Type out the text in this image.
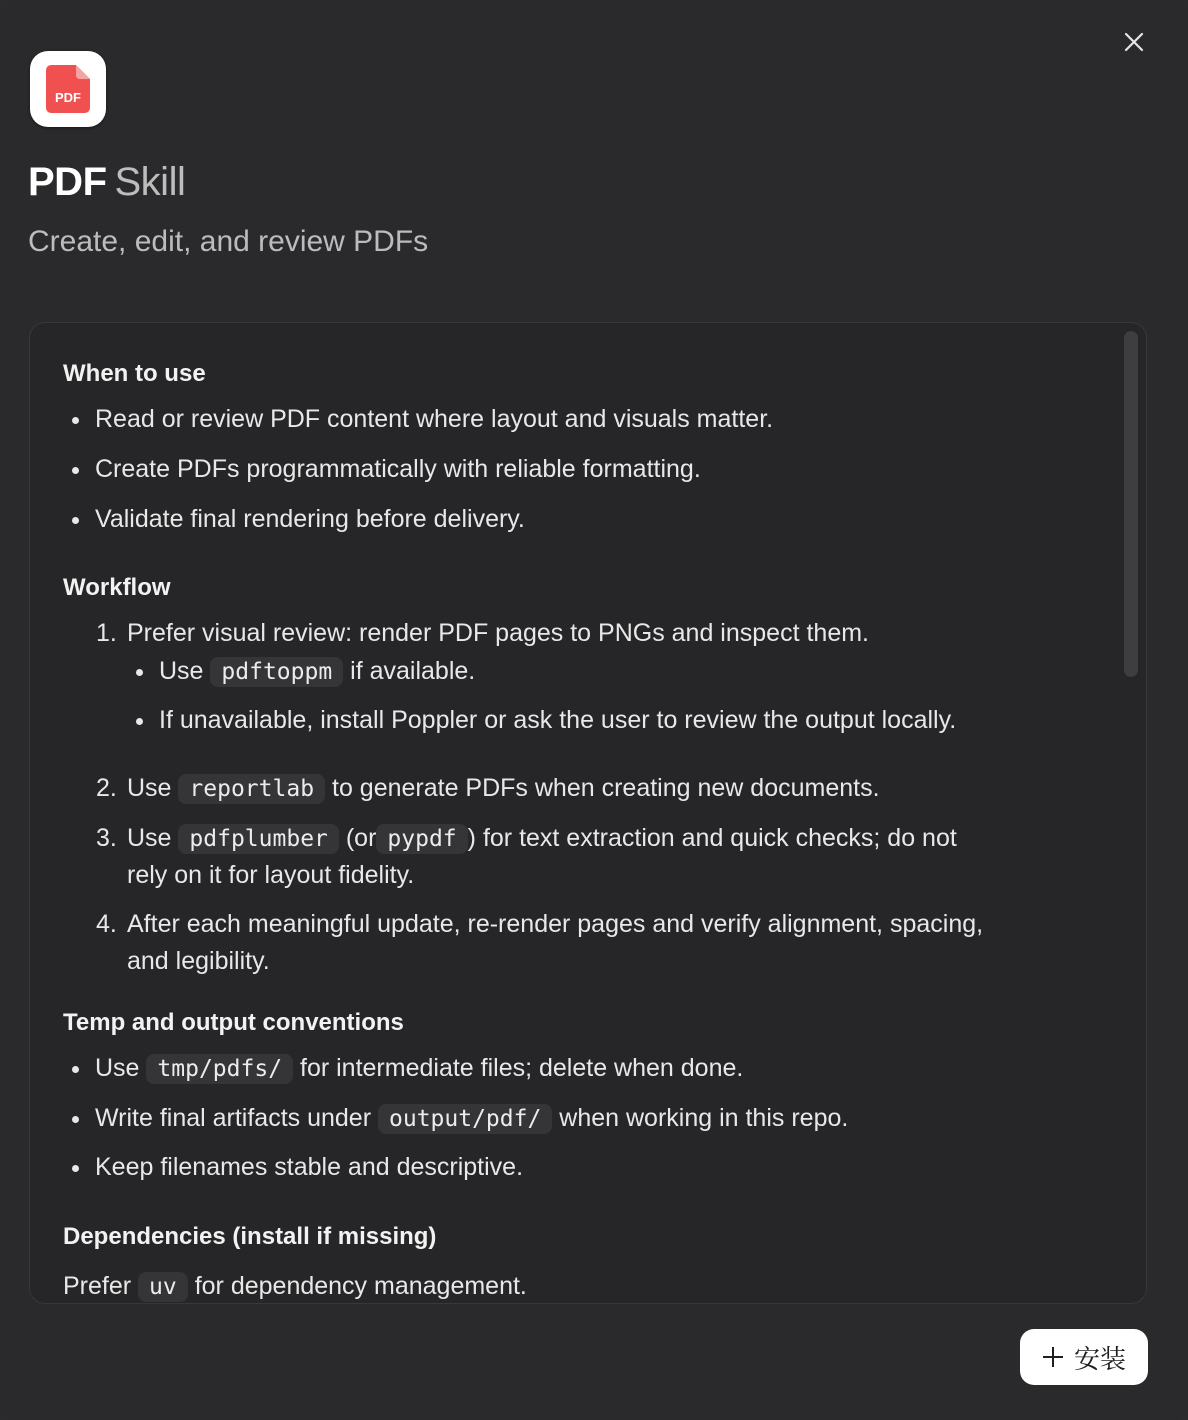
PDF
PDF Skill
Create, edit, and review PDFs
When to use
Read or review PDF content where layout and visuals matter.
Create PDFs programmatically with reliable formatting.
Validate final rendering before delivery.
Workflow
1. Prefer visual review: render PDF pages to PNGs and inspect them.
Use pdftoppm if available.
If unavailable, install Poppler or ask the user to review the output locally.
2. Use reportlab to generate PDFs when creating new documents.
3. Use pdfplumber (or pypdf ) for text extraction and quick checks; do not
rely on it for layout fidelity.
4. After each meaningful update, re-render pages and verify alignment, spacing,
and legibility.
Temp and output conventions
Use tmp/pdfs/ for intermediate files; delete when done.
Write final artifacts under output/pdf/ when working in this repo.
Keep filenames stable and descriptive.
Dependencies (install if missing)
Prefer uv for dependency management.
安装
